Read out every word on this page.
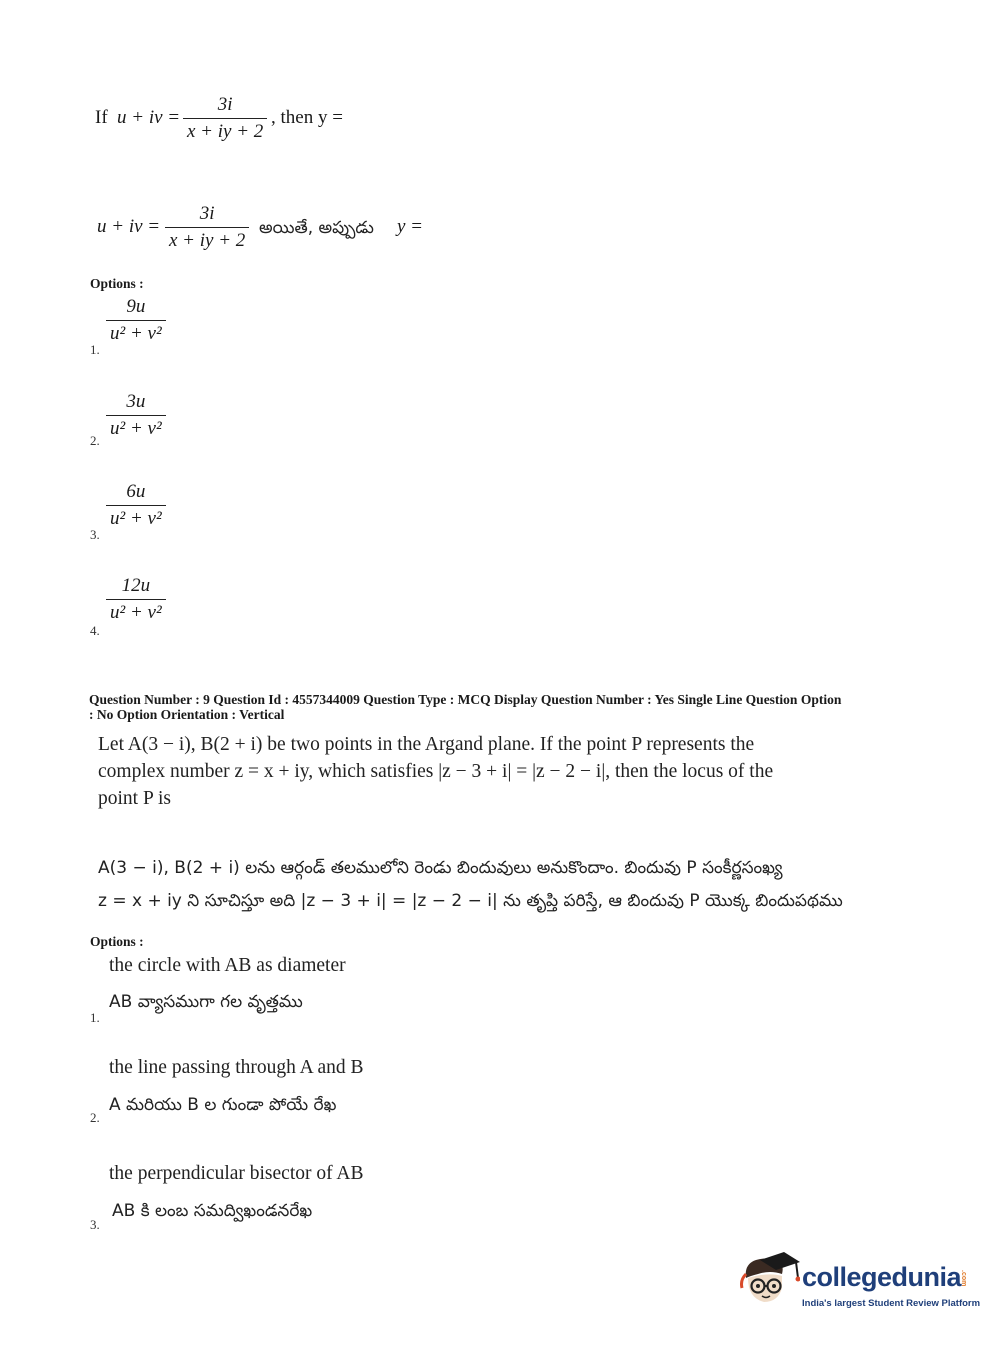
If u + iv =
3i
x + iy + 2
, then y =
u + iv =
3i
x + iy + 2
అయితే, అప్పుడు y =
Options :
1.
9u
u² + v²
2.
3u
u² + v²
3.
6u
u² + v²
4.
12u
u² + v²
Question Number : 9 Question Id : 4557344009 Question Type : MCQ Display Question Number : Yes Single Line Question Option
: No Option Orientation : Vertical
Let A(3 − i), B(2 + i) be two points in the Argand plane. If the point P represents the
complex number z = x + iy, which satisfies |z − 3 + i| = |z − 2 − i|, then the locus of the
point P is
A(3 − i), B(2 + i) లను ఆర్గండ్ తలములోని రెండు బిందువులు అనుకొందాం. బిందువు P సంకీర్ణసంఖ్య
z = x + iy ని సూచిస్తూ అది |z − 3 + i| = |z − 2 − i| ను తృప్తి పరిస్తే, ఆ బిందువు P యొక్క బిందుపథము
Options :
the circle with AB as diameter
AB వ్యాసముగా గల వృత్తము
1.
the line passing through A and B
A మరియు B ల గుండా పోయే రేఖ
2.
the perpendicular bisector of AB
AB కి లంబ సమద్విఖండనరేఖ
3.
collegedunia
.com
India's largest Student Review Platform
